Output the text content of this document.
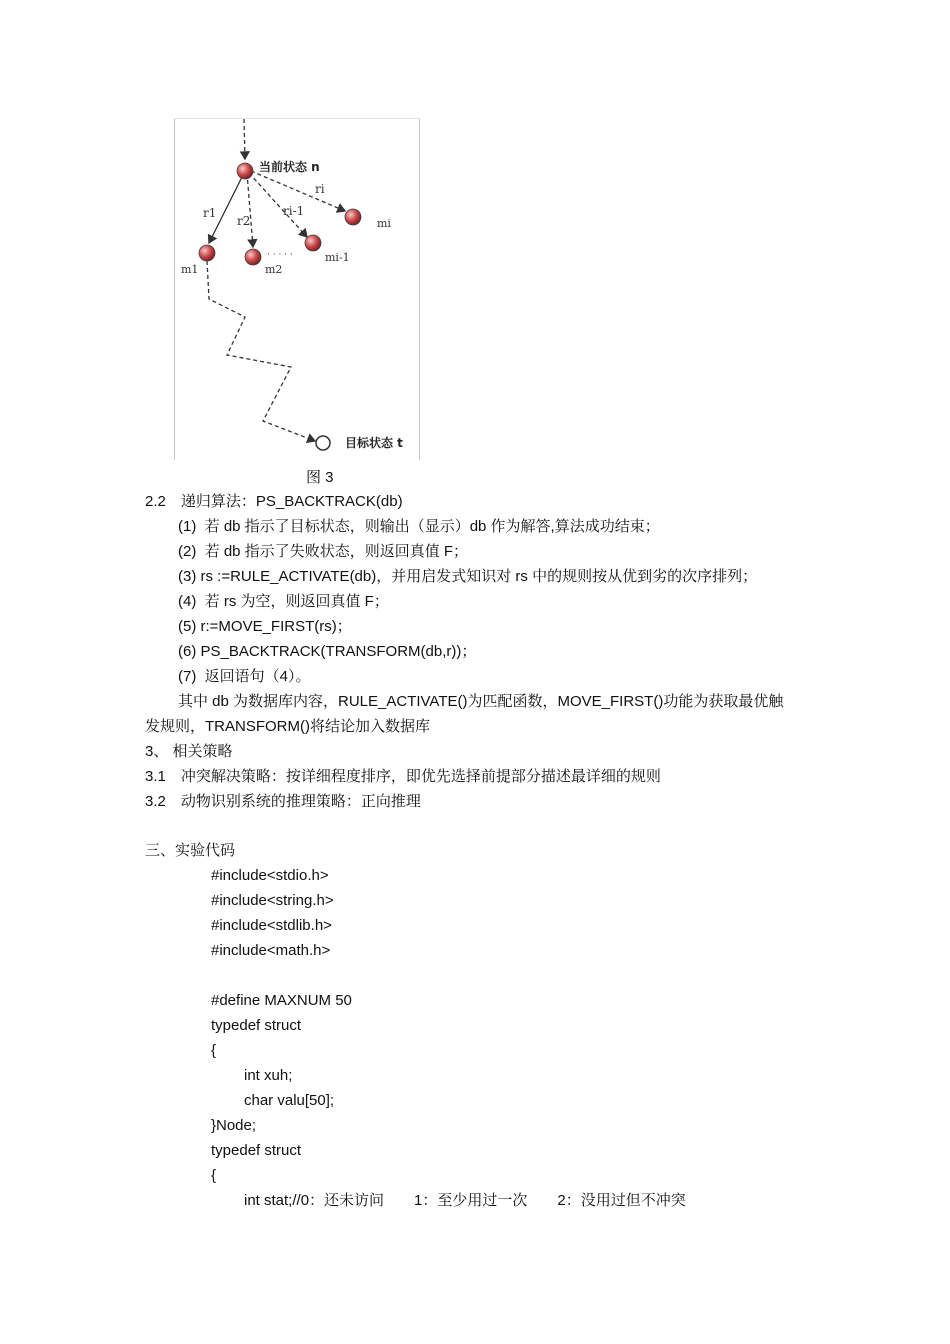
当前状态 n
r1
r2
ri-1
ri
m1	m2
mi-1
mi
· · · · ·
目标状态 t
图 3
2.2　递归算法：PS_BACKTRACK(db)
(1)  若 db 指示了目标状态，则输出（显示）db 作为解答,算法成功结束；
(2)  若 db 指示了失败状态，则返回真值 F；
(3) rs :=RULE_ACTIVATE(db)，并用启发式知识对 rs 中的规则按从优到劣的次序排列；
(4)  若 rs 为空，则返回真值 F；
(5) r:=MOVE_FIRST(rs)；
(6) PS_BACKTRACK(TRANSFORM(db,r))；
(7)  返回语句（4）。
其中 db 为数据库内容，RULE_ACTIVATE()为匹配函数，MOVE_FIRST()功能为获取最优触
发规则，TRANSFORM()将结论加入数据库
3、 相关策略
3.1　冲突解决策略：按详细程度排序，即优先选择前提部分描述最详细的规则
3.2　动物识别系统的推理策略：正向推理
三、实验代码
#include<stdio.h>
#include<string.h>
#include<stdlib.h>
#include<math.h>
#define MAXNUM 50
typedef struct
{
int xuh;
char valu[50];
}Node;
typedef struct
{
int stat;//0：还未访问　　1：至少用过一次　　2：没用过但不冲突
